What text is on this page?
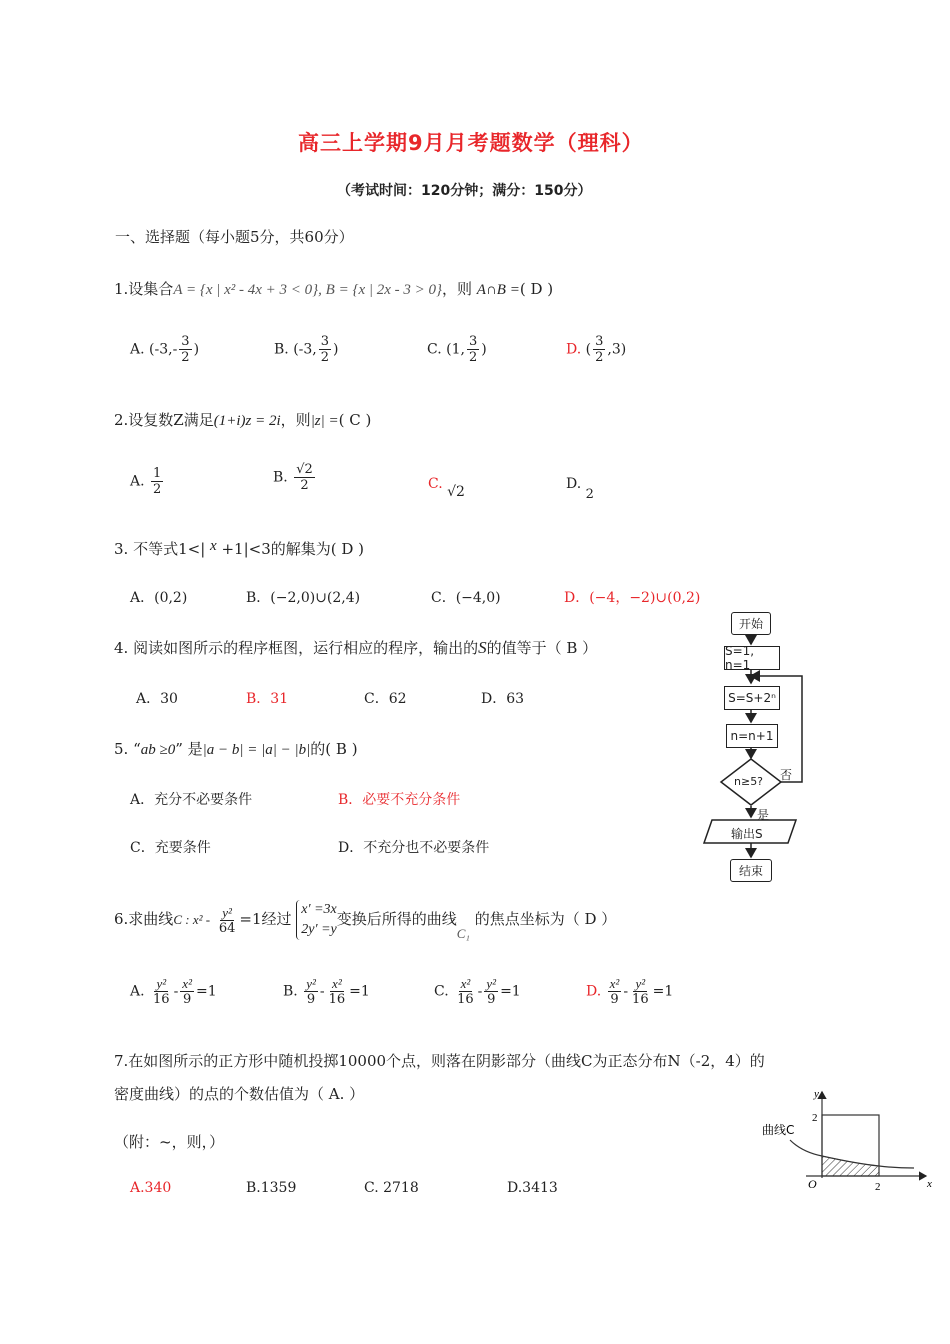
高三上学期9月月考题数学（理科）
（考试时间：120分钟；满分：150分）
一、选择题（每小题5分，共60分）
1.设集合A = {x | x² - 4x + 3 < 0}, B = {x | 2x - 3 > 0}，则 A∩B =( D )
A. ($-3,- \frac{3}{2}$ )	B. (-3, $\frac{3}{2}$ )	C. (1, $\frac{3}{2}$ )	D. ( $\frac{3}{2} ,3$)
2.设复数Z满足(1+i)z = 2i，则|z| =( C )
A. $\frac{1}{2}$	B. $\frac{√2}{2}$	C. √2	D. 2
3. 不等式1<| x +1|<3的解集为( D )
A．(0,2)	B．(−2,0)∪(2,4)	C．(−4,0)	D．(−4，−2)∪(0,2)
4. 阅读如图所示的程序框图，运行相应的程序，输出的S的值等于（ B ）
A．30	B．31	C．62	D．63
5. “ab ≥0” 是|a − b| = |a| − |b|的( B )
A．充分不必要条件	B．必要不充分条件
C．充要条件	D．不充分也不必要条件
6.求曲线C : $x^2 - \frac{\text{y²}}{64} =1$经过
x′ =3x
2y′ =y
变换后所得的曲线C₁ 的焦点坐标为（ D ）
A. $\frac{\text{y²}}{16} - \frac{\text{x²}}{9} =1$	B. $\frac{\text{y²}}{9} - \frac{\text{x²}}{16} =1$	C. $\frac{\text{x²}}{16} - \frac{\text{y²}}{9} =1$	D. $\frac{\text{x²}}{9} - \frac{\text{y²}}{16} =1$
7.在如图所示的正方形中随机投掷10000个点，则落在阴影部分（曲线C为正态分布N（-2，4）的
密度曲线）的点的个数估值为（ A. ）
（附：~，则，）
A.340	B.1359	C. 2718	D.3413
开始
S=1, n=1
S=S+2ⁿ
n=n+1
n≥5? 否
是
输出S
结束
y
x
O
2
2
曲线C
